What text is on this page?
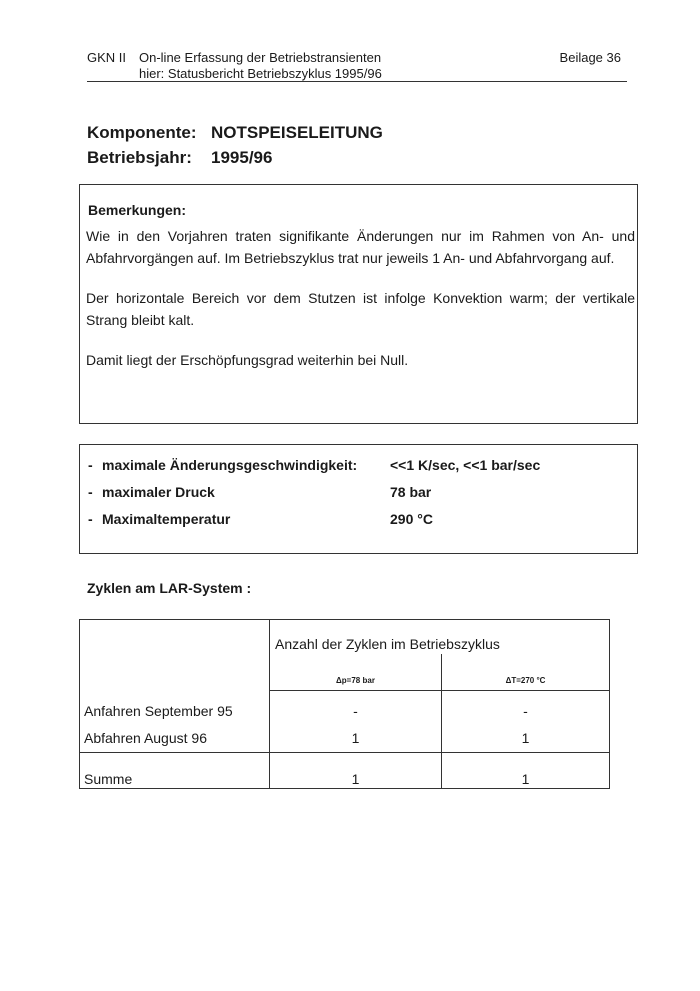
GKN II On-line Erfassung der Betriebstransienten
hier: Statusbericht Betriebszyklus 1995/96
Beilage 36
Komponente: NOTSPEISELEITUNG
Betriebsjahr:	1995/96
Bemerkungen:

Wie in den Vorjahren traten signifikante Änderungen nur im Rahmen von An- und Abfahrvorgängen auf. Im Betriebszyklus trat nur jeweils 1 An- und Abfahrvorgang auf.

Der horizontale Bereich vor dem Stutzen ist infolge Konvektion warm; der vertikale Strang bleibt kalt.

Damit liegt der Erschöpfungsgrad weiterhin bei Null.

- maximale Änderungsgeschwindigkeit:	<<1 K/sec, <<1 bar/sec
- maximaler Druck	78 bar
- Maximaltemperatur	290 °C
Zyklen am LAR-System :
Anzahl der Zyklen im Betriebszyklus
Δp=78 bar	ΔT=270 °C
Anfahren September 95	-	-
Abfahren August 96	1	1
Summe	1	1
